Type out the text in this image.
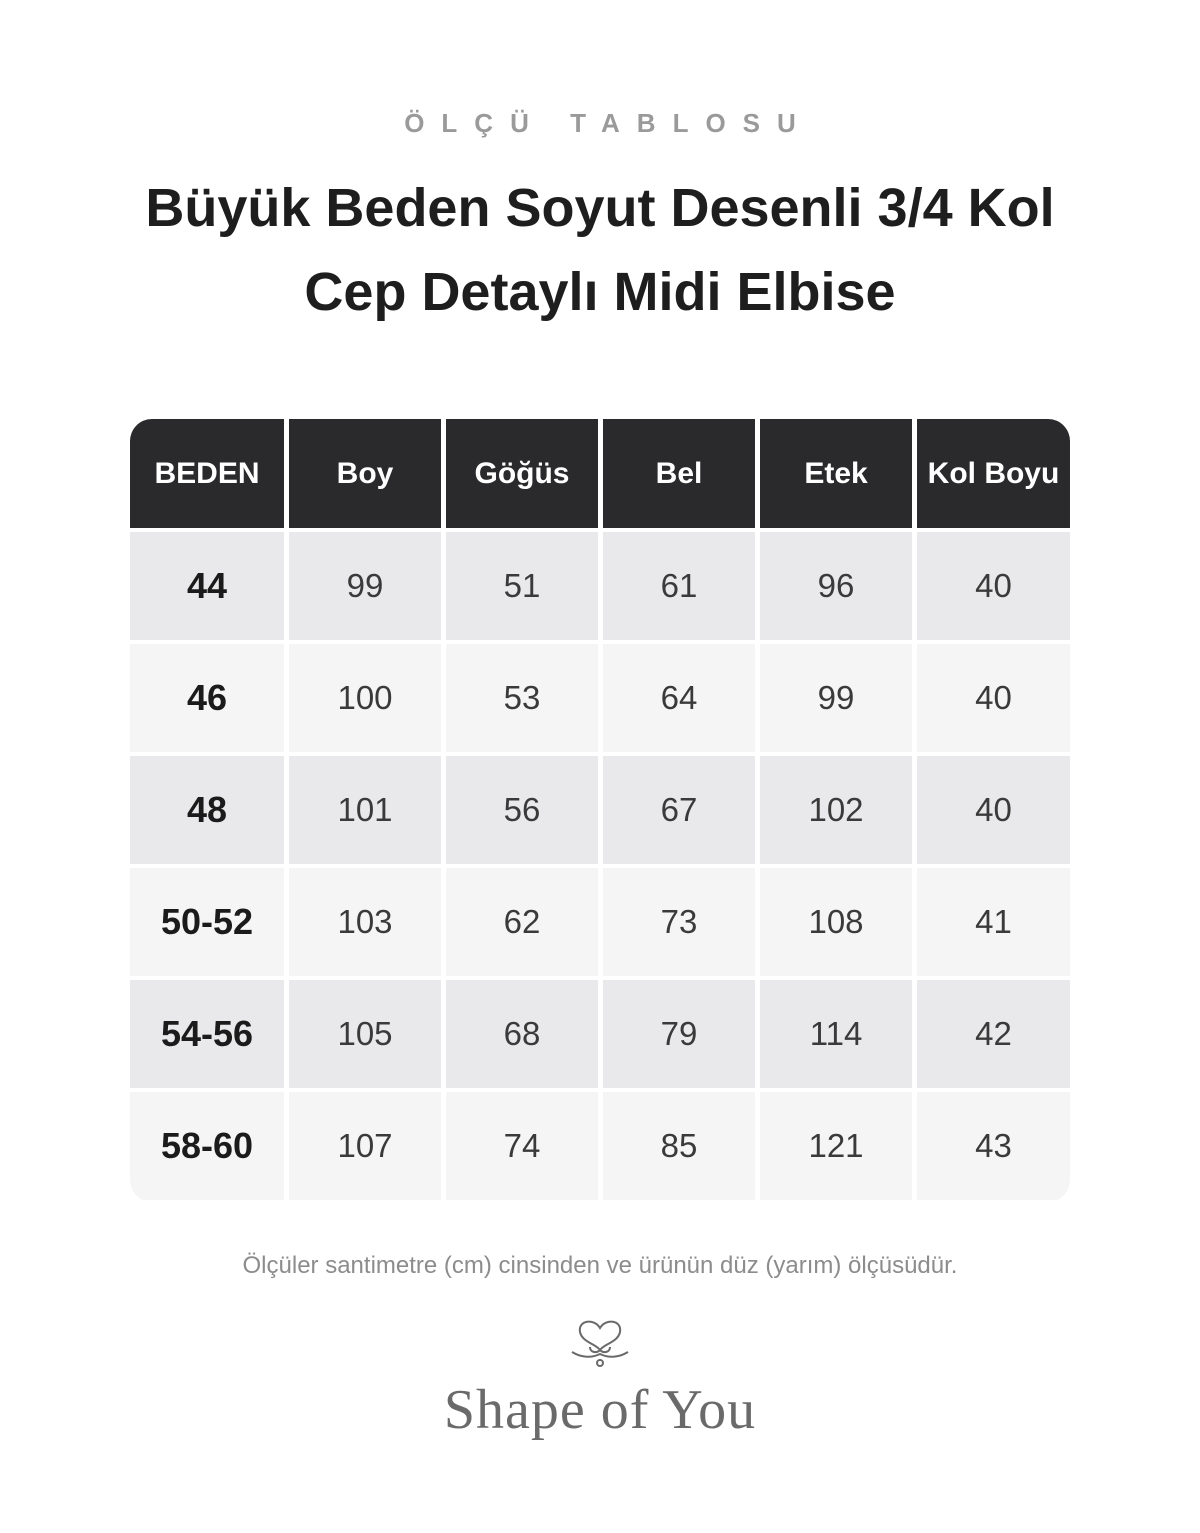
ÖLÇÜ TABLOSU
Büyük Beden Soyut Desenli 3/4 Kol
Cep Detaylı Midi Elbise
BEDEN	Boy	Göğüs	Bel	Etek	Kol Boyu
44	99	51	61	96	40
46	100	53	64	99	40
48	101	56	67	102	40
50-52	103	62	73	108	41
54-56	105	68	79	114	42
58-60	107	74	85	121	43
Ölçüler santimetre (cm) cinsinden ve ürünün düz (yarım) ölçüsüdür.
Shape of You
